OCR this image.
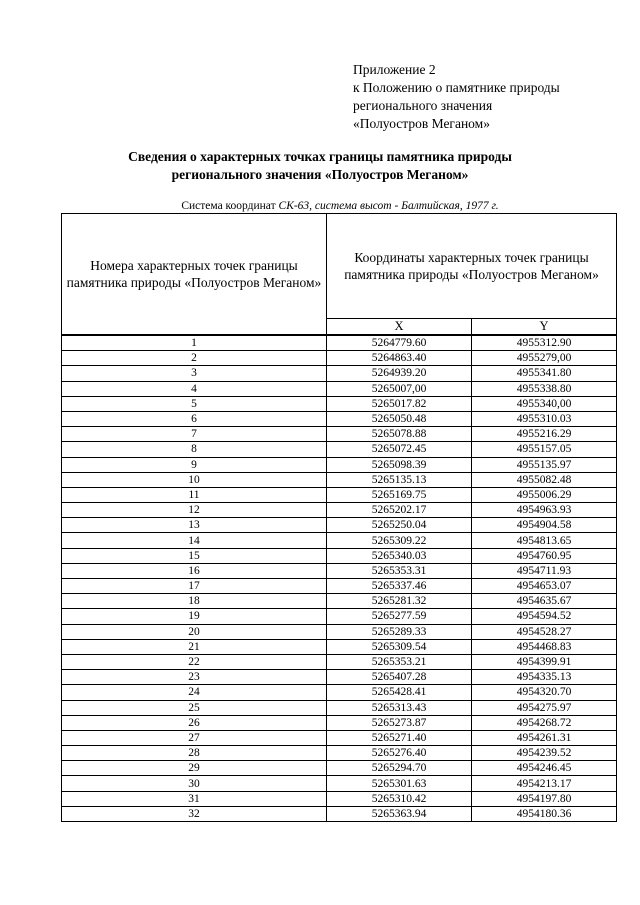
Приложение 2
к Положению о памятнике природы
регионального значения
«Полуостров Меганом»
Сведения о характерных точках границы памятника природы
регионального значения «Полуостров Меганом»
Система координат СК-63, система высот - Балтийская, 1977 г.
Номера характерных точек границы памятника природы «Полуостров Меганом»	Координаты характерных точек границы
памятника природы «Полуостров Меганом»	

	X	Y
1	5264779.60	4955312.90
2	5264863.40	4955279,00
3	5264939.20	4955341.80
4	5265007,00	4955338.80
5	5265017.82	4955340,00
6	5265050.48	4955310.03
7	5265078.88	4955216.29
8	5265072.45	4955157.05
9	5265098.39	4955135.97
10	5265135.13	4955082.48
11	5265169.75	4955006.29
12	5265202.17	4954963.93
13	5265250.04	4954904.58
14	5265309.22	4954813.65
15	5265340.03	4954760.95
16	5265353.31	4954711.93
17	5265337.46	4954653.07
18	5265281.32	4954635.67
19	5265277.59	4954594.52
20	5265289.33	4954528.27
21	5265309.54	4954468.83
22	5265353.21	4954399.91
23	5265407.28	4954335.13
24	5265428.41	4954320.70
25	5265313.43	4954275.97
26	5265273.87	4954268.72
27	5265271.40	4954261.31
28	5265276.40	4954239.52
29	5265294.70	4954246.45
30	5265301.63	4954213.17
31	5265310.42	4954197.80
32	5265363.94	4954180.36
